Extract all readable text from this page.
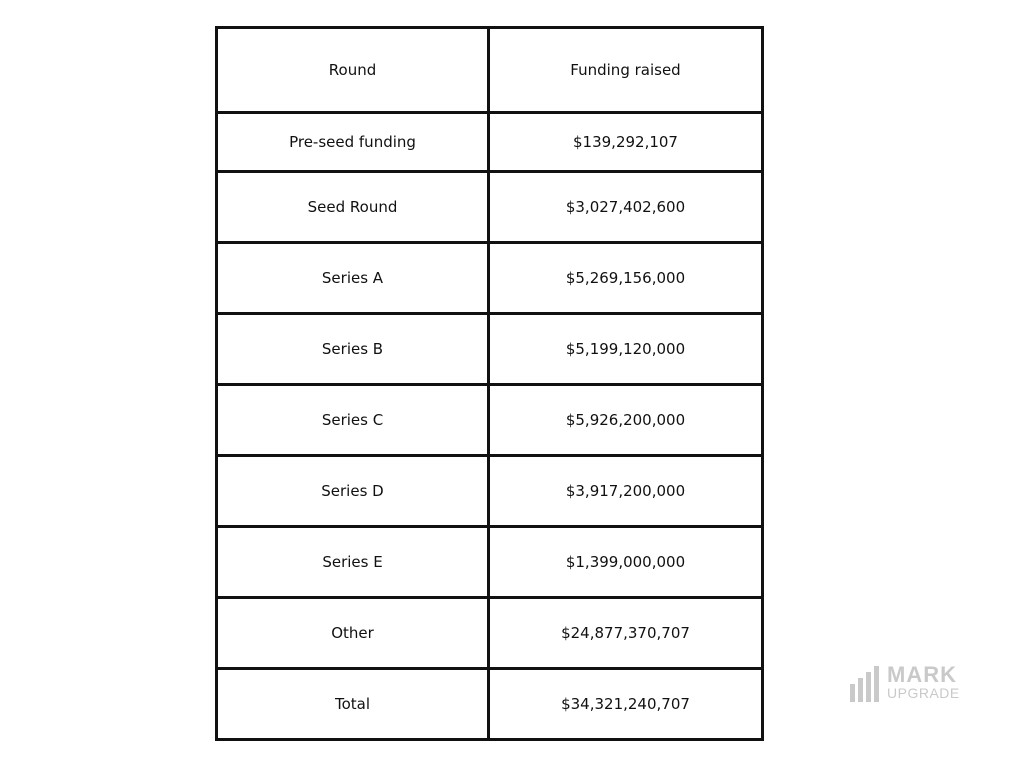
Round	Funding raised
Pre-seed funding	$139,292,107
Seed Round	$3,027,402,600
Series A	$5,269,156,000
Series B	$5,199,120,000
Series C	$5,926,200,000
Series D	$3,917,200,000
Series E	$1,399,000,000
Other	$24,877,370,707
Total	$34,321,240,707
MARK
UPGRADE
